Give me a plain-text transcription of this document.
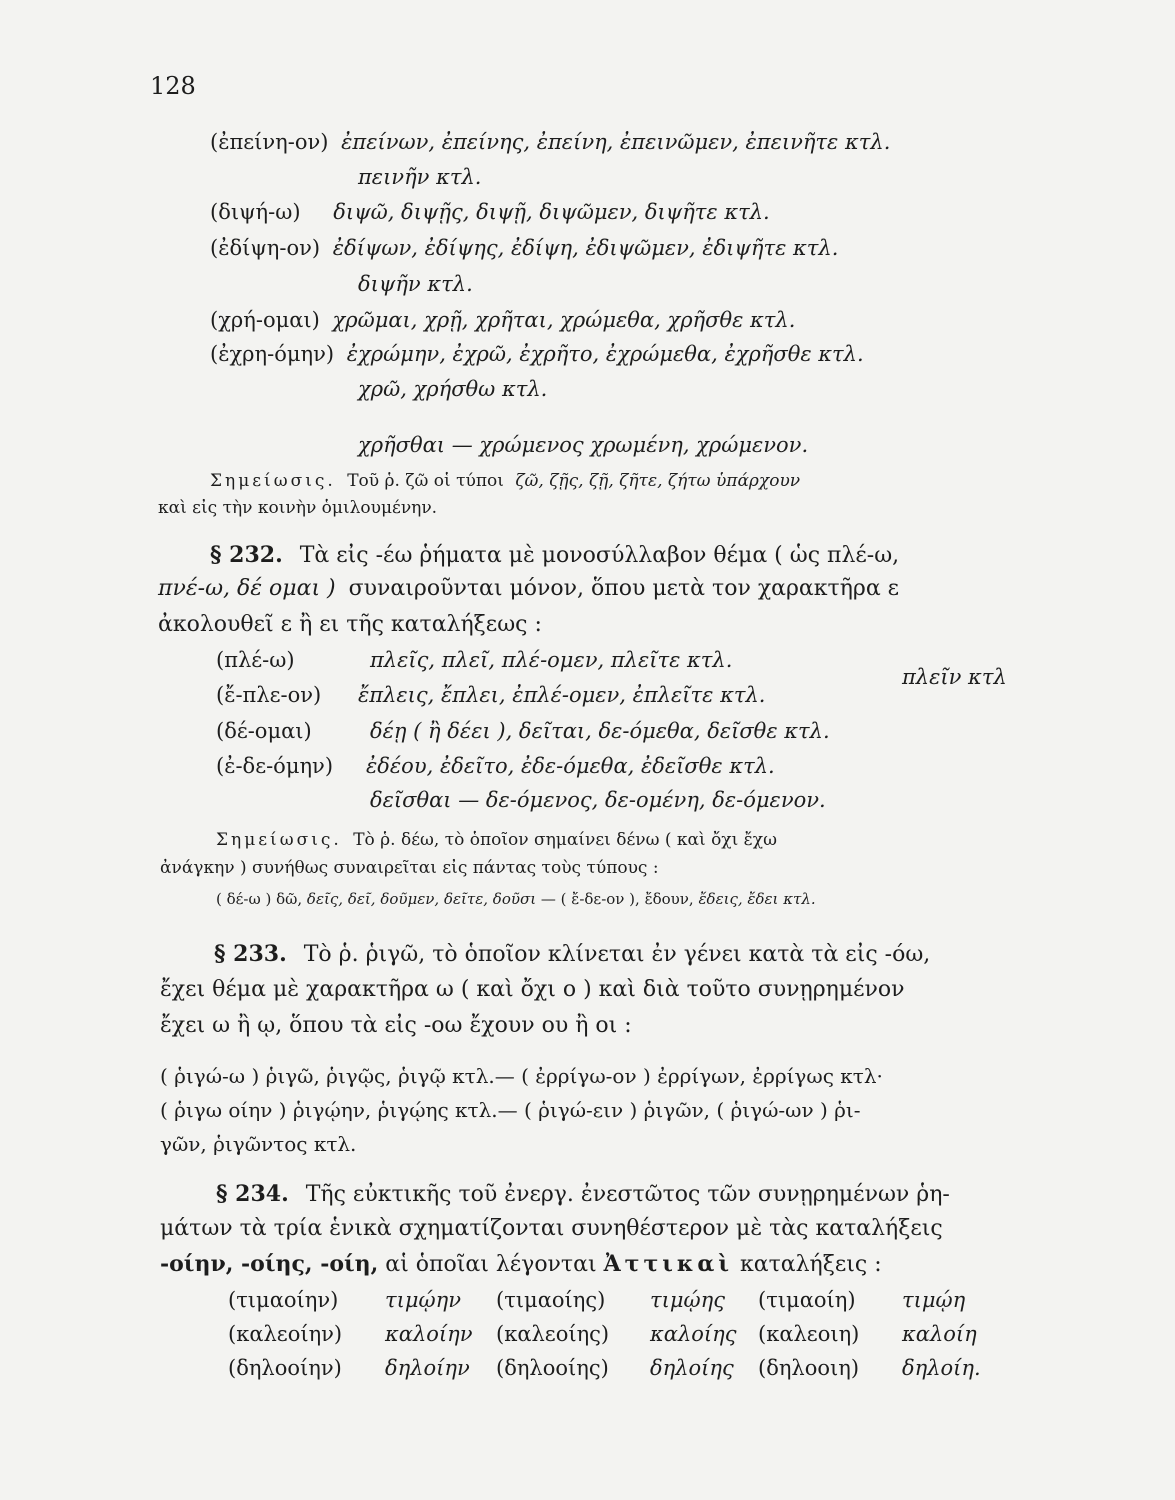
128
(ἐπείνη-ον) ἐπείνων, ἐπείνης, ἐπείνη, ἐπεινῶμεν, ἐπεινῆτε κτλ.
πεινῆν κτλ.
(διψή-ω) διψῶ, διψῇς, διψῇ, διψῶμεν, διψῆτε κτλ.
(ἐδίψη-ον) ἐδίψων, ἐδίψης, ἐδίψη, ἐδιψῶμεν, ἐδιψῆτε κτλ.
διψῆν κτλ.
(χρή-ομαι) χρῶμαι, χρῇ, χρῆται, χρώμεθα, χρῆσθε κτλ.
(ἐχρη-όμην) ἐχρώμην, ἐχρῶ, ἐχρῆτο, ἐχρώμεθα, ἐχρῆσθε κτλ.
χρῶ, χρήσθω κτλ.
χρῆσθαι — χρώμενος χρωμένη, χρώμενον.
Σημείωσις. Τοῦ ῥ. ζῶ οἱ τύποι ζῶ, ζῇς, ζῇ, ζῆτε, ζήτω ὑπάρχουν
καὶ εἰς τὴν κοινὴν ὁμιλουμένην.
§ 232. Τὰ εἰς -έω ῥήματα μὲ μονοσύλλαβον θέμα ( ὡς πλέ-ω,
πνέ-ω, δέ ομαι ) συναιροῦνται μόνον, ὅπου μετὰ τον χαρακτῆρα ε
ἀκολουθεῖ ε ἢ ει τῆς καταλήξεως :
(πλέ-ω)	πλεῖς, πλεῖ, πλέ-ομεν, πλεῖτε κτλ.
(ἔ-πλε-ον) ἔπλεις, ἔπλει, ἐπλέ-ομεν, ἐπλεῖτε κτλ.
πλεῖν κτλ
(δέ-ομαι)	δέῃ ( ἢ δέει ), δεῖται, δε-όμεθα, δεῖσθε κτλ.
(ἐ-δε-όμην) ἐδέου, ἐδεῖτο, ἐδε-όμεθα, ἐδεῖσθε κτλ.
δεῖσθαι — δε-όμενος, δε-ομένη, δε-όμενον.
Σημείωσις. Τὸ ῥ. δέω, τὸ ὁποῖον σημαίνει δένω ( καὶ ὄχι ἔχω
ἀνάγκην ) συνήθως συναιρεῖται εἰς πάντας τοὺς τύπους :
( δέ-ω ) δῶ, δεῖς, δεῖ, δοῦμεν, δεῖτε, δοῦσι — ( ἔ-δε-ον ), ἔδουν, ἔδεις, ἔδει κτλ.
§ 233. Τὸ ῥ. ῥιγῶ, τὸ ὁποῖον κλίνεται ἐν γένει κατὰ τὰ εἰς -όω,
ἔχει θέμα μὲ χαρακτῆρα ω ( καὶ ὄχι ο ) καὶ διὰ τοῦτο συνῃρημένον
ἔχει ω ἢ ῳ, ὅπου τὰ εἰς -οω ἔχουν ου ἢ οι :
( ῥιγώ-ω ) ῥιγῶ, ῥιγῷς, ῥιγῷ κτλ.— ( ἐρρίγω-ον ) ἐρρίγων, ἐρρίγως κτλ·
( ῥιγω οίην ) ῥιγῴην, ῥιγῴης κτλ.— ( ῥιγώ-ειν ) ῥιγῶν, ( ῥιγώ-ων ) ῥι-
γῶν, ῥιγῶντος κτλ.
§ 234. Τῆς εὐκτικῆς τοῦ ἐνεργ. ἐνεστῶτος τῶν συνῃρημένων ῥη-
μάτων τὰ τρία ἑνικὰ σχηματίζονται συνηθέστερον μὲ τὰς καταλήξεις
-οίην, -οίης, -οίη, αἱ ὁποῖαι λέγονται Ἀττικαὶ καταλήξεις :
(τιμαοίην) τιμῴην (τιμαοίης) τιμῴης (τιμαοίη) τιμῴη
(καλεοίην) καλοίην (καλεοίης) καλοίης (καλεοιη) καλοίη
(δηλοοίην) δηλοίην (δηλοοίης) δηλοίης (δηλοοιη) δηλοίη.
